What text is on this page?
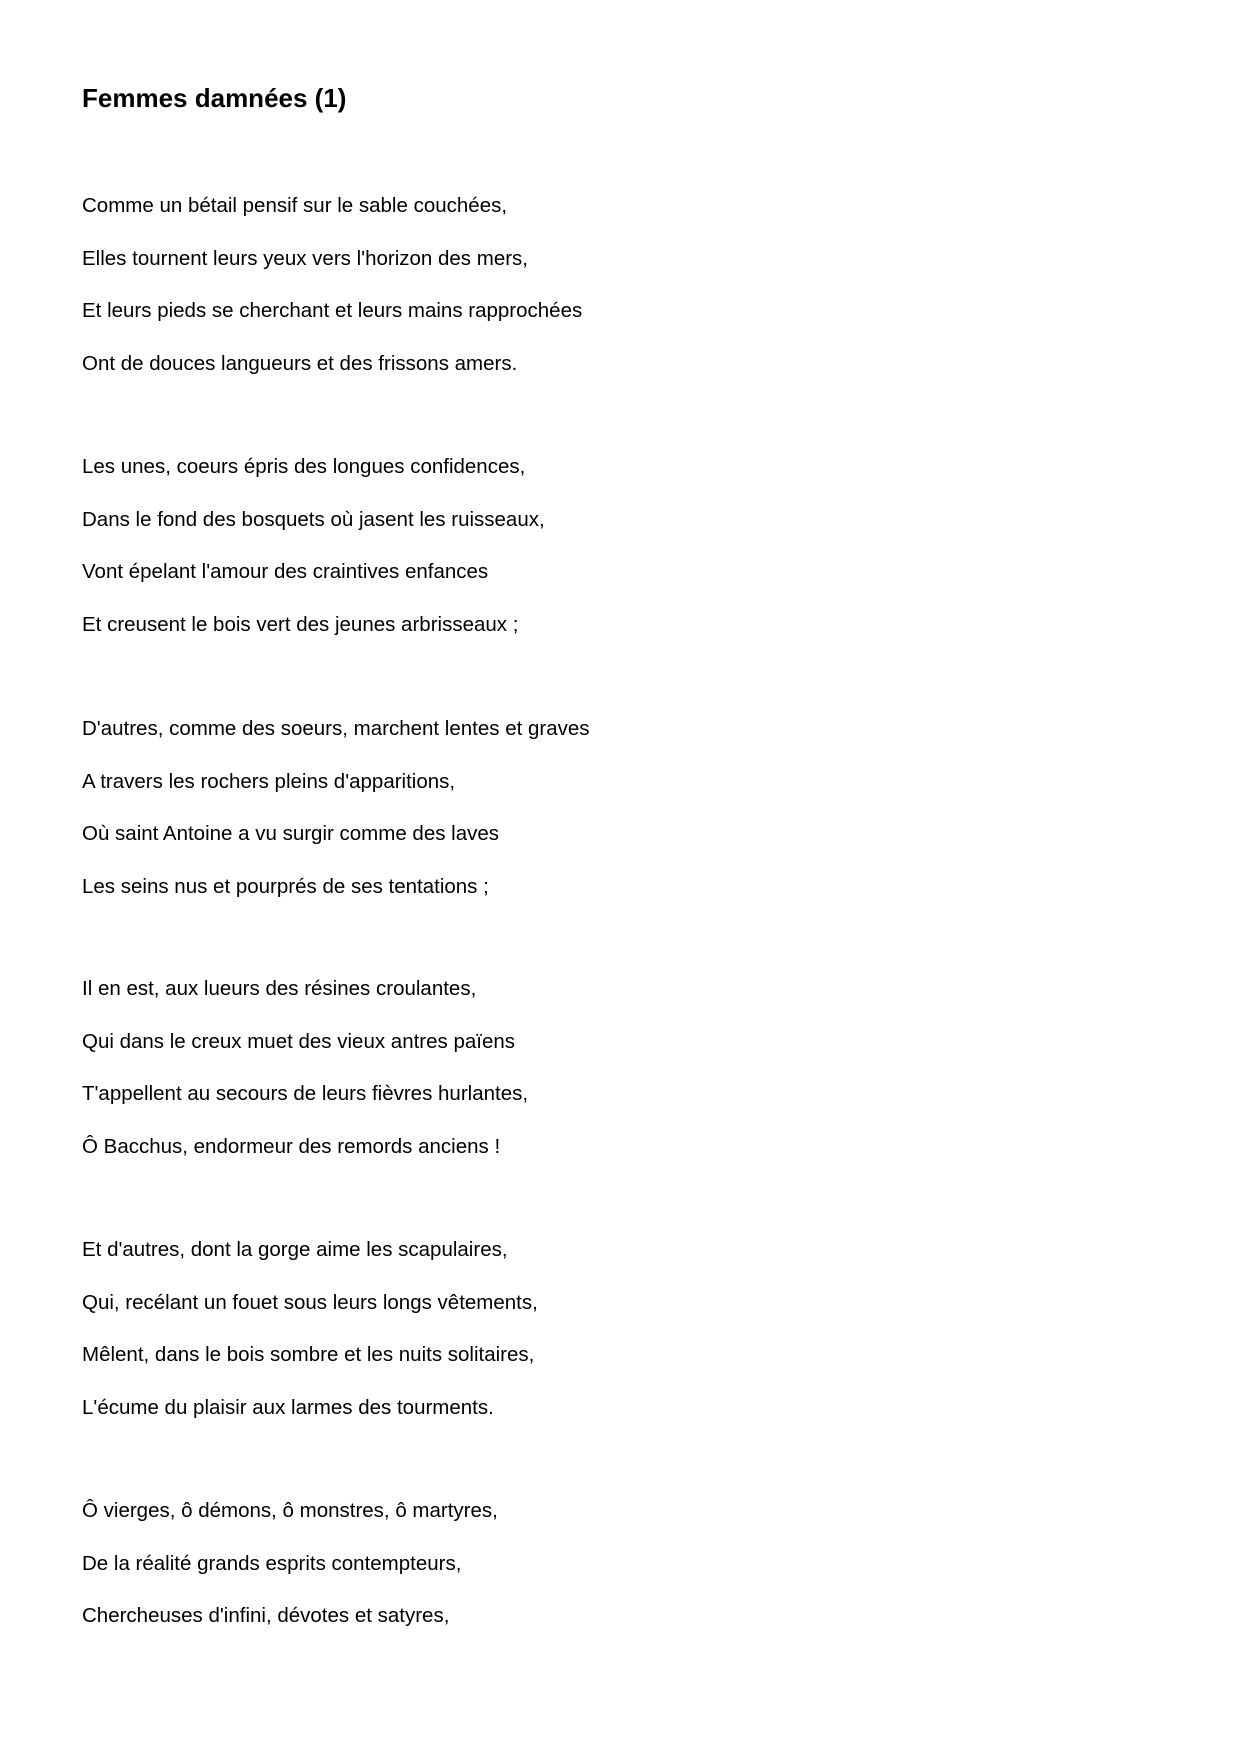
Femmes damnées (1)
Comme un bétail pensif sur le sable couchées,
Elles tournent leurs yeux vers l'horizon des mers,
Et leurs pieds se cherchant et leurs mains rapprochées
Ont de douces langueurs et des frissons amers.
Les unes, coeurs épris des longues confidences,
Dans le fond des bosquets où jasent les ruisseaux,
Vont épelant l'amour des craintives enfances
Et creusent le bois vert des jeunes arbrisseaux ;
D'autres, comme des soeurs, marchent lentes et graves
A travers les rochers pleins d'apparitions,
Où saint Antoine a vu surgir comme des laves
Les seins nus et pourprés de ses tentations ;
Il en est, aux lueurs des résines croulantes,
Qui dans le creux muet des vieux antres païens
T'appellent au secours de leurs fièvres hurlantes,
Ô Bacchus, endormeur des remords anciens !
Et d'autres, dont la gorge aime les scapulaires,
Qui, recélant un fouet sous leurs longs vêtements,
Mêlent, dans le bois sombre et les nuits solitaires,
L'écume du plaisir aux larmes des tourments.
Ô vierges, ô démons, ô monstres, ô martyres,
De la réalité grands esprits contempteurs,
Chercheuses d'infini, dévotes et satyres,
